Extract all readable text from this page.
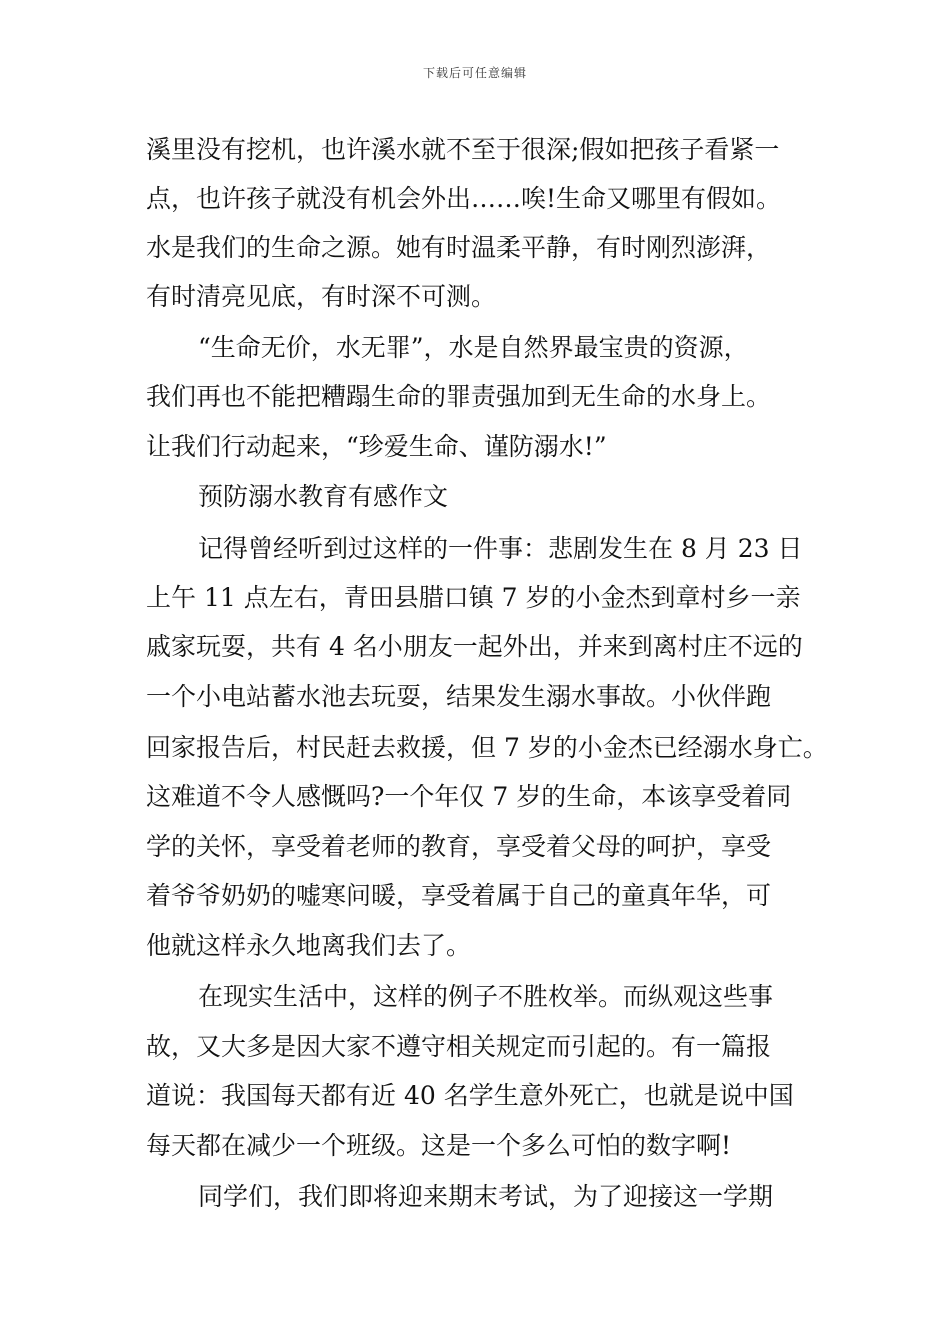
下载后可任意编辑
溪里没有挖机，也许溪水就不至于很深;假如把孩子看紧一
点，也许孩子就没有机会外出……唉!生命又哪里有假如。
水是我们的生命之源。她有时温柔平静，有时刚烈澎湃，
有时清亮见底，有时深不可测。
“生命无价，水无罪”，水是自然界最宝贵的资源，
我们再也不能把糟蹋生命的罪责强加到无生命的水身上。
让我们行动起来，“珍爱生命、谨防溺水!”
预防溺水教育有感作文
记得曾经听到过这样的一件事：悲剧发生在 8 月 23 日
上午 11 点左右，青田县腊口镇 7 岁的小金杰到章村乡一亲
戚家玩耍，共有 4 名小朋友一起外出，并来到离村庄不远的
一个小电站蓄水池去玩耍，结果发生溺水事故。小伙伴跑
回家报告后，村民赶去救援，但 7 岁的小金杰已经溺水身亡。
这难道不令人感慨吗?一个年仅 7 岁的生命，本该享受着同
学的关怀，享受着老师的教育，享受着父母的呵护，享受
着爷爷奶奶的嘘寒问暖，享受着属于自己的童真年华，可
他就这样永久地离我们去了。
在现实生活中，这样的例子不胜枚举。而纵观这些事
故，又大多是因大家不遵守相关规定而引起的。有一篇报
道说：我国每天都有近 40 名学生意外死亡，也就是说中国
每天都在减少一个班级。这是一个多么可怕的数字啊!
同学们，我们即将迎来期末考试，为了迎接这一学期
